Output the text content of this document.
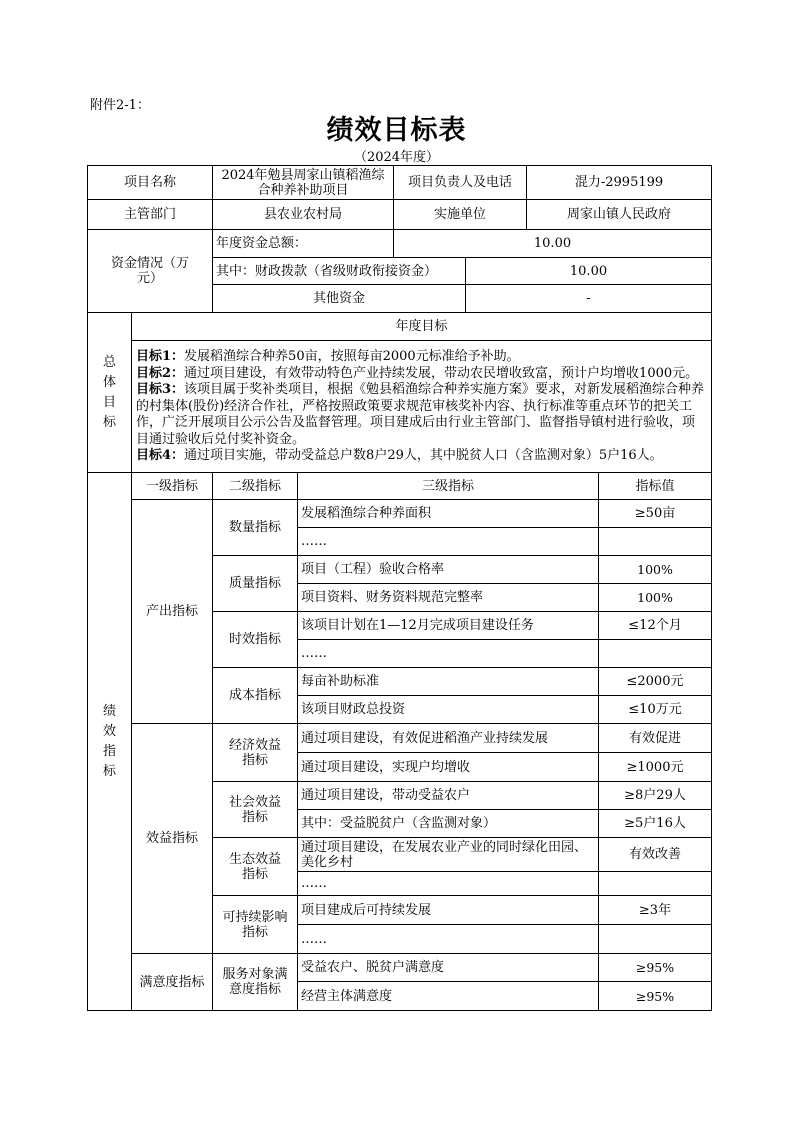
附件2-1：
绩效目标表
（2024年度）
项目名称	2024年勉县周家山镇稻渔综合种养补助项目	项目负责人及电话		混力-2995199
主管部门	县农业农村局	实施单位		周家山镇人民政府
资金情况（万元）	年度资金总额：	10.00		
	其中：财政拨款（省级财政衔接资金）		10.00	
	其他资金		-	
总体目标	年度目标

目标1：发展稻渔综合种养50亩，按照每亩2000元标准给予补助。
目标2：通过项目建设，有效带动特色产业持续发展，带动农民增收致富，预计户均增收1000元。
目标3：该项目属于奖补类项目，根据《勉县稻渔综合种养实施方案》要求，对新发展稻渔综合种养的村集体(股份)经济合作社，严格按照政策要求规范审核奖补内容、执行标准等重点环节的把关工作，广泛开展项目公示公告及监督管理。项目建成后由行业主管部门、监督指导镇村进行验收，项目通过验收后兑付奖补资金。
目标4：通过项目实施，带动受益总户数8户29人，其中脱贫人口（含监测对象）5户16人。
绩效指标	一级指标	二级指标	三级指标	指标值
	产出指标	数量指标	发展稻渔综合种养面积	≥50亩
			……	
		质量指标	项目（工程）验收合格率	100%
			项目资料、财务资料规范完整率	100%
		时效指标	该项目计划在1—12月完成项目建设任务	≤12个月
			……	
		成本指标	每亩补助标准	≤2000元
			该项目财政总投资	≤10万元
	效益指标	经济效益指标	通过项目建设，有效促进稻渔产业持续发展	有效促进
			通过项目建设，实现户均增收	≥1000元
		社会效益指标	通过项目建设，带动受益农户	≥8户29人
			其中：受益脱贫户（含监测对象）	≥5户16人
		生态效益指标	通过项目建设，在发展农业产业的同时绿化田园、美化乡村	有效改善
			……	
		可持续影响指标	项目建成后可持续发展	≥3年
			……	
	满意度指标	服务对象满意度指标	受益农户、脱贫户满意度	≥95%
			经营主体满意度	≥95%
